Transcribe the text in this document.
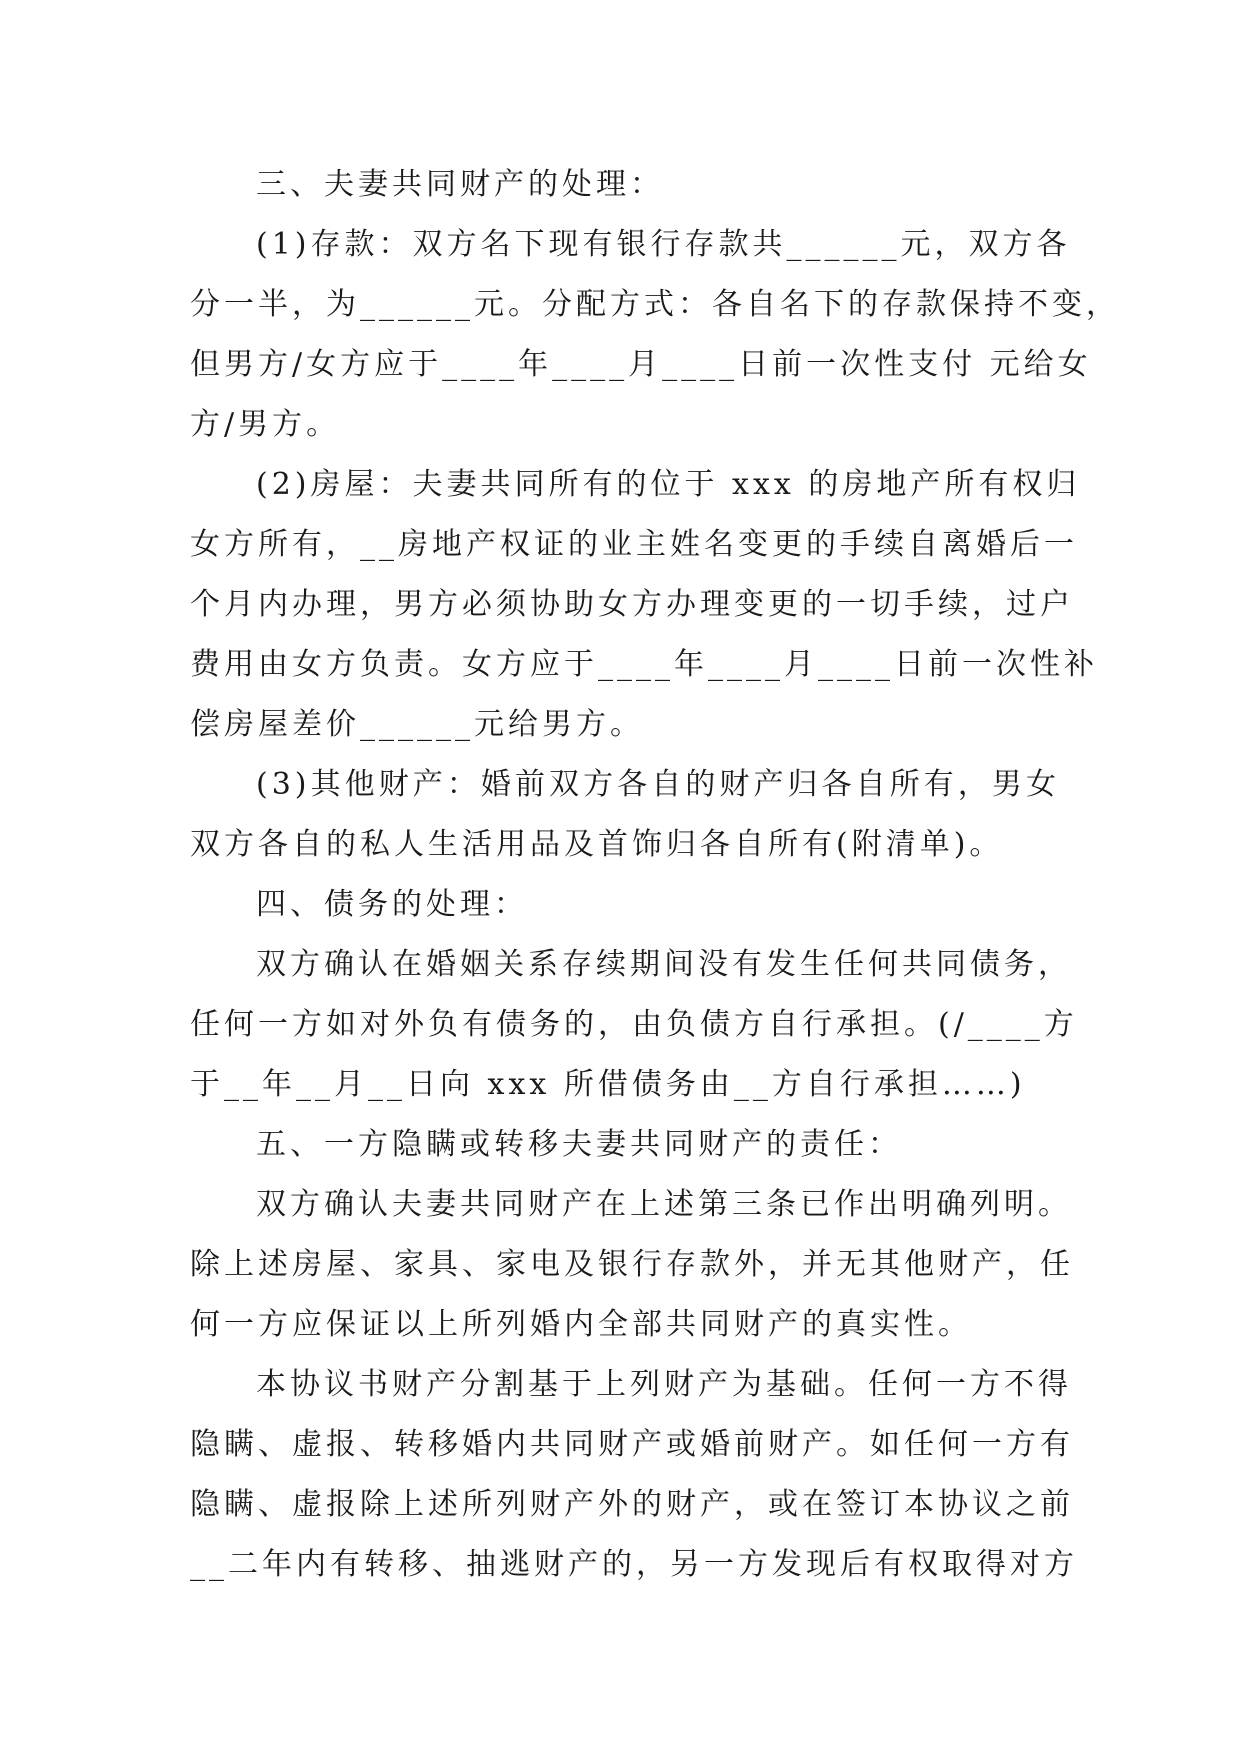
三、夫妻共同财产的处理：
(1)存款：双方名下现有银行存款共______元，双方各
分一半，为______元。分配方式：各自名下的存款保持不变，
但男方/女方应于____年____月____日前一次性支付 元给女
方/男方。
(2)房屋：夫妻共同所有的位于 xxx 的房地产所有权归
女方所有，__房地产权证的业主姓名变更的手续自离婚后一
个月内办理，男方必须协助女方办理变更的一切手续，过户
费用由女方负责。女方应于____年____月____日前一次性补
偿房屋差价______元给男方。
(3)其他财产：婚前双方各自的财产归各自所有，男女
双方各自的私人生活用品及首饰归各自所有(附清单)。
四、债务的处理：
双方确认在婚姻关系存续期间没有发生任何共同债务，
任何一方如对外负有债务的，由负债方自行承担。(/____方
于__年__月__日向 xxx 所借债务由__方自行承担……)
五、一方隐瞒或转移夫妻共同财产的责任：
双方确认夫妻共同财产在上述第三条已作出明确列明。
除上述房屋、家具、家电及银行存款外，并无其他财产，任
何一方应保证以上所列婚内全部共同财产的真实性。
本协议书财产分割基于上列财产为基础。任何一方不得
隐瞒、虚报、转移婚内共同财产或婚前财产。如任何一方有
隐瞒、虚报除上述所列财产外的财产，或在签订本协议之前
__二年内有转移、抽逃财产的，另一方发现后有权取得对方
